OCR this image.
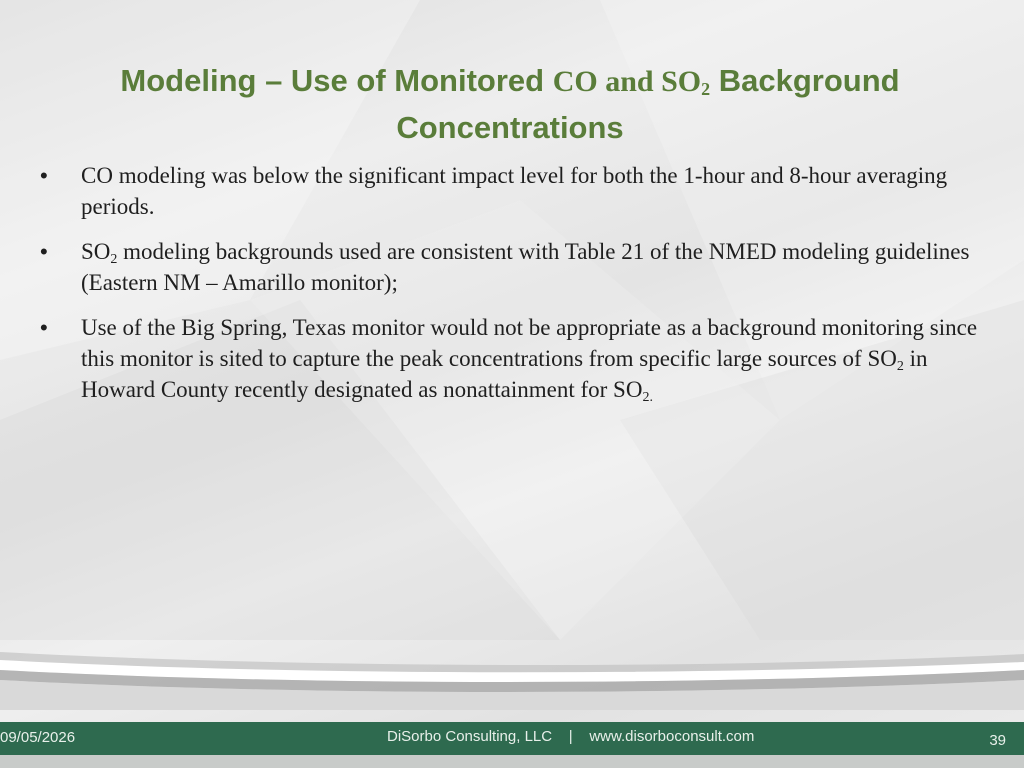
Modeling – Use of Monitored CO and $SO_2$ Background
Concentrations
• CO modeling was below the significant impact level for both the 1-hour and 8-hour averaging periods.
• $SO_2$ modeling backgrounds used are consistent with Table 21 of the NMED modeling guidelines (Eastern NM – Amarillo monitor);
• Use of the Big Spring, Texas monitor would not be appropriate as a background monitoring since this monitor is sited to capture the peak concentrations from specific large sources of $SO_2$ in Howard County recently designated as nonattainment for $SO_{2.}$
09/05/2026	DiSorbo Consulting, LLC    |    www.disorboconsult.com	39
